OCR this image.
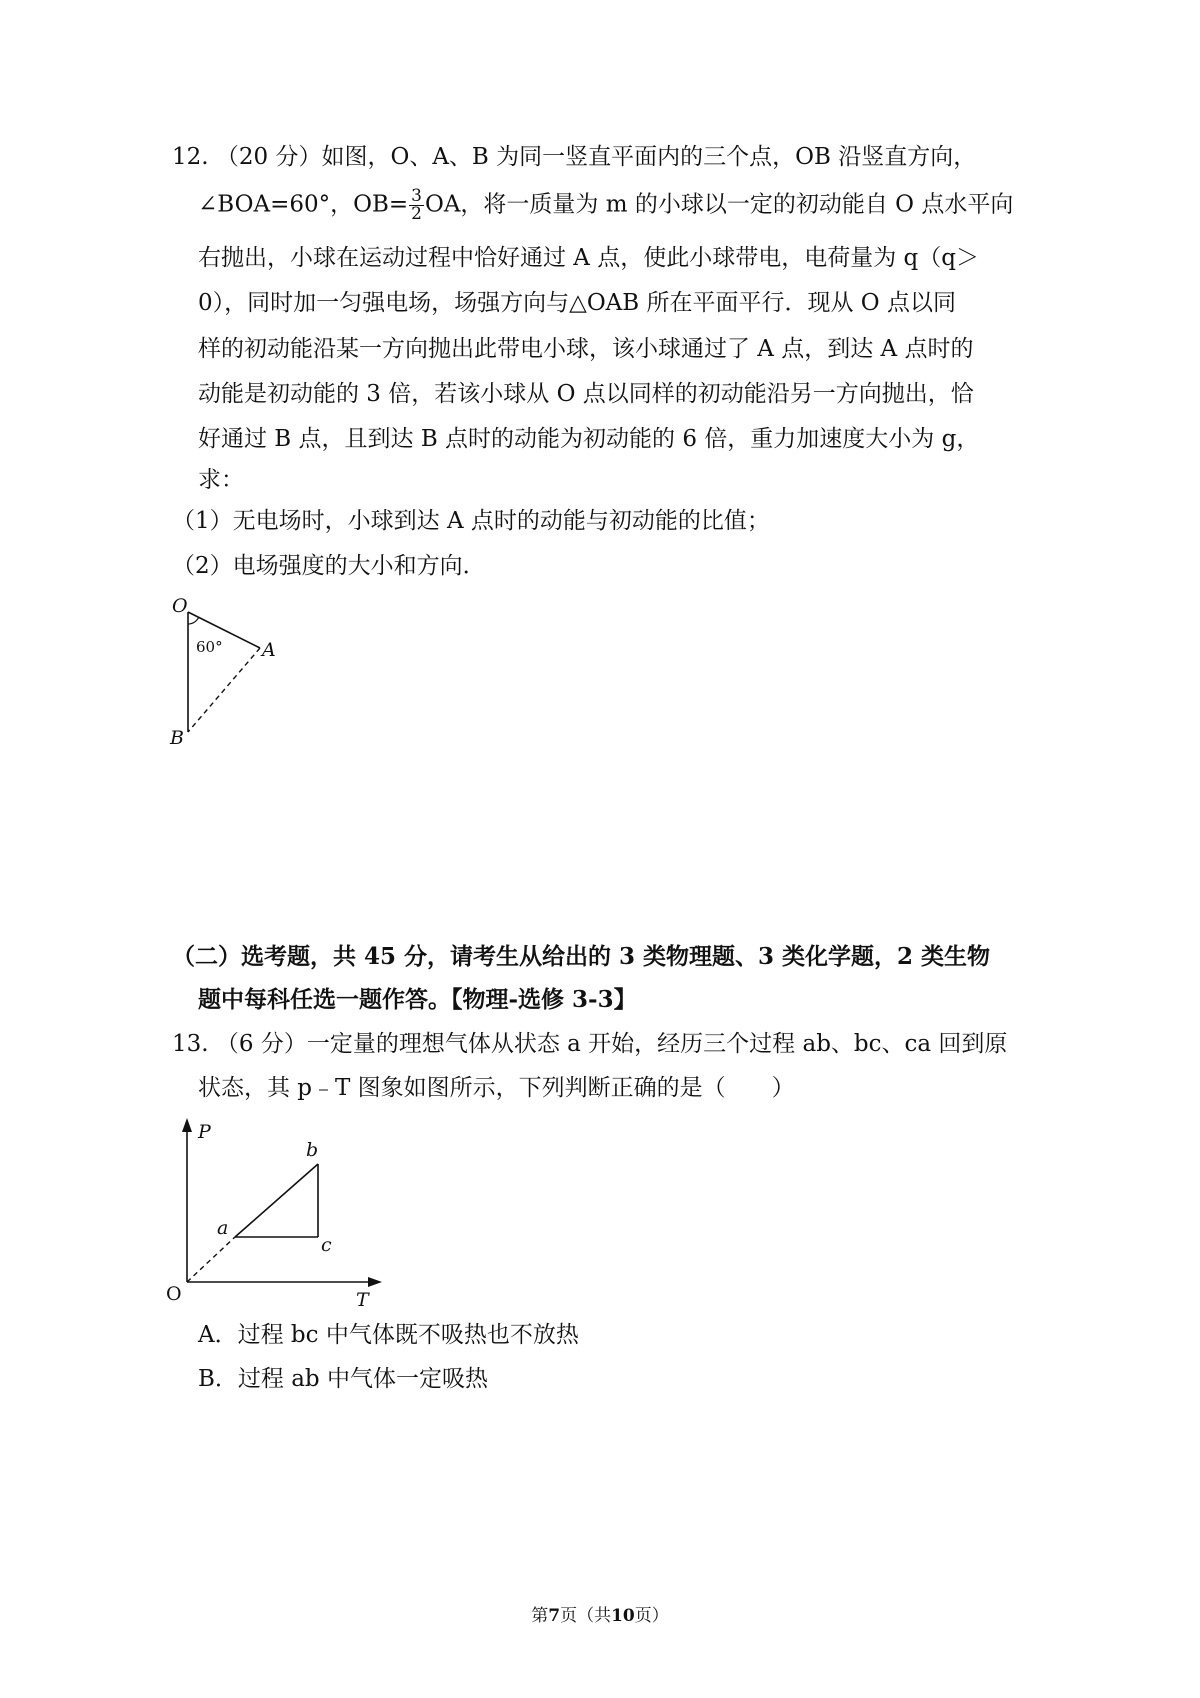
12. （20 分）如图，O、A、B 为同一竖直平面内的三个点，OB 沿竖直方向，
∠BOA=60°，$OB= \frac{3}{2}$ OA，将一质量为 m 的小球以一定的初动能自 O 点水平向
右抛出，小球在运动过程中恰好通过 A 点，使此小球带电，电荷量为 q（q＞
0），同时加一匀强电场，场强方向与△OAB 所在平面平行．现从 O 点以同
样的初动能沿某一方向抛出此带电小球，该小球通过了 A 点，到达 A 点时的
动能是初动能的 3 倍，若该小球从 O 点以同样的初动能沿另一方向抛出，恰
好通过 B 点，且到达 B 点时的动能为初动能的 6 倍，重力加速度大小为 g，
求：
（1）无电场时，小球到达 A 点时的动能与初动能的比值；
（2）电场强度的大小和方向．
O
A
B
60°
（二）选考题，共 45 分，请考生从给出的 3 类物理题、3 类化学题，2 类生物
题中每科任选一题作答。【物理-选修 3-3】
13. （6 分）一定量的理想气体从状态 a 开始，经历三个过程 ab、bc、ca 回到原
状态，其 p﹣T 图象如图所示，下列判断正确的是（　　）
P
T
O
a
b
c
A．过程 bc 中气体既不吸热也不放热
B．过程 ab 中气体一定吸热
第7页（共10页）
